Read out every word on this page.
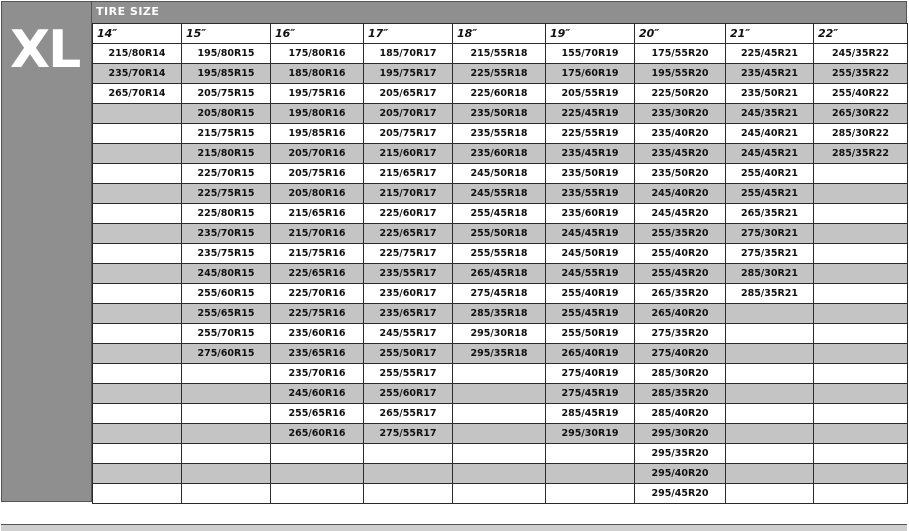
XL
TIRE SIZE
14″	15″	16″	17″	18″	19″	20″	21″	22″
215/80R14	195/80R15	175/80R16	185/70R17	215/55R18	155/70R19	175/55R20	225/45R21	245/35R22
235/70R14	195/85R15	185/80R16	195/75R17	225/55R18	175/60R19	195/55R20	235/45R21	255/35R22
265/70R14	205/75R15	195/75R16	205/65R17	225/60R18	205/55R19	225/50R20	235/50R21	255/40R22
	205/80R15	195/80R16	205/70R17	235/50R18	225/45R19	235/30R20	245/35R21	265/30R22
	215/75R15	195/85R16	205/75R17	235/55R18	225/55R19	235/40R20	245/40R21	285/30R22
	215/80R15	205/70R16	215/60R17	235/60R18	235/45R19	235/45R20	245/45R21	285/35R22
	225/70R15	205/75R16	215/65R17	245/50R18	235/50R19	235/50R20	255/40R21	
	225/75R15	205/80R16	215/70R17	245/55R18	235/55R19	245/40R20	255/45R21	
	225/80R15	215/65R16	225/60R17	255/45R18	235/60R19	245/45R20	265/35R21	
	235/70R15	215/70R16	225/65R17	255/50R18	245/45R19	255/35R20	275/30R21	
	235/75R15	215/75R16	225/75R17	255/55R18	245/50R19	255/40R20	275/35R21	
	245/80R15	225/65R16	235/55R17	265/45R18	245/55R19	255/45R20	285/30R21	
	255/60R15	225/70R16	235/60R17	275/45R18	255/40R19	265/35R20	285/35R21	
	255/65R15	225/75R16	235/65R17	285/35R18	255/45R19	265/40R20		
	255/70R15	235/60R16	245/55R17	295/30R18	255/50R19	275/35R20		
	275/60R15	235/65R16	255/50R17	295/35R18	265/40R19	275/40R20		
		235/70R16	255/55R17		275/40R19	285/30R20		
		245/60R16	255/60R17		275/45R19	285/35R20		
		255/65R16	265/55R17		285/45R19	285/40R20		
		265/60R16	275/55R17		295/30R19	295/30R20		
						295/35R20		
						295/40R20		
						295/45R20		
